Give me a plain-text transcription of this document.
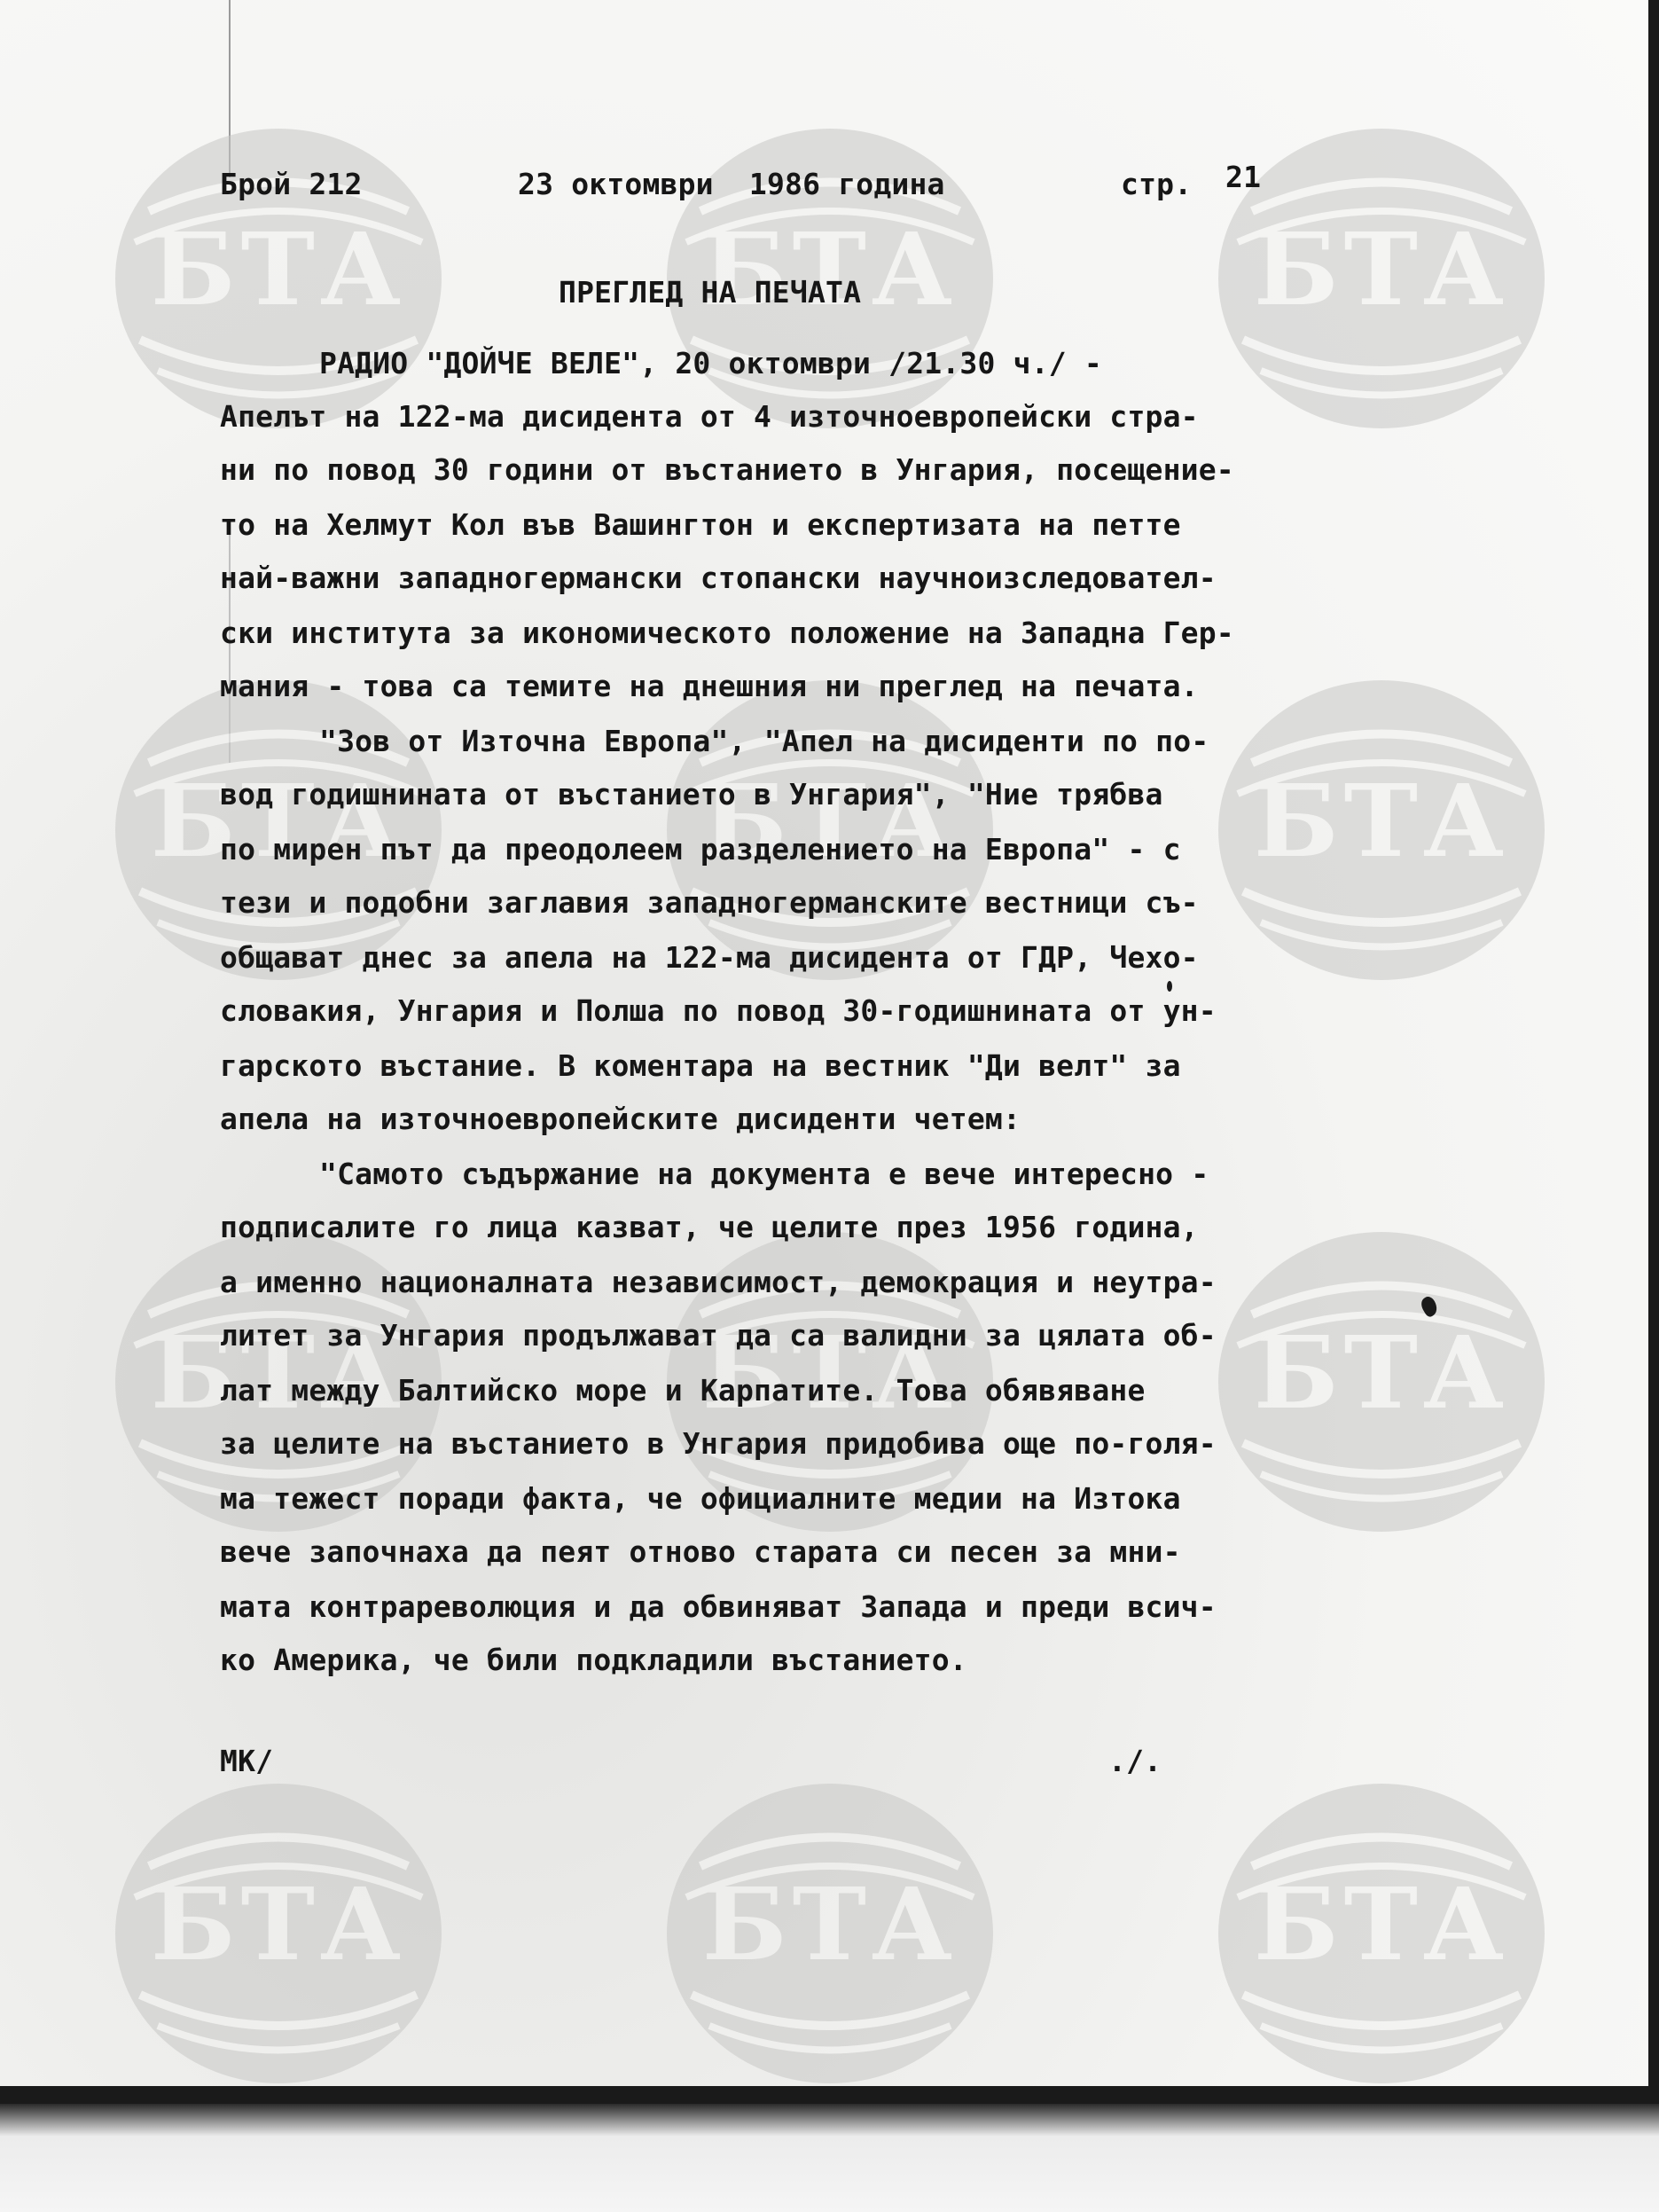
Брой 212	23 октомври  1986 година	стр. 21
ПРЕГЛЕД НА ПЕЧАТА
РАДИО "ДОЙЧЕ ВЕЛЕ", 20 октомври /21.30 ч./ -
Апелът на 122-ма дисидента от 4 източноевропейски стра-
ни по повод 30 години от въстанието в Унгария, посещение-
то на Хелмут Кол във Вашингтон и експертизата на петте
най-важни западногермански стопански научноизследовател-
ски института за икономическото положение на Западна Гер-
мания - това са темите на днешния ни преглед на печата.
"Зов от Източна Европа", "Апел на дисиденти по по-
вод годишнината от въстанието в Унгария", "Ние трябва
по мирен път да преодолеем разделението на Европа" - с
тези и подобни заглавия западногерманските вестници съ-
общават днес за апела на 122-ма дисидента от ГДР, Чехо-
словакия, Унгария и Полша по повод 30-годишнината от ун-
гарското въстание. В коментара на вестник "Ди велт" за
апела на източноевропейските дисиденти четем:
"Самото съдържание на документа е вече интересно -
подписалите го лица казват, че целите през 1956 година,
а именно националната независимост, демокрация и неутра-
литет за Унгария продължават да са валидни за цялата об-
лат между Балтийско море и Карпатите. Това обявяване
за целите на въстанието в Унгария придобива още по-голя-
ма тежест поради факта, че официалните медии на Изтока
вече започнаха да пеят отново старата си песен за мни-
мата контрареволюция и да обвиняват Запада и преди всич-
ко Америка, че били подкладили въстанието.
МК/	./.
